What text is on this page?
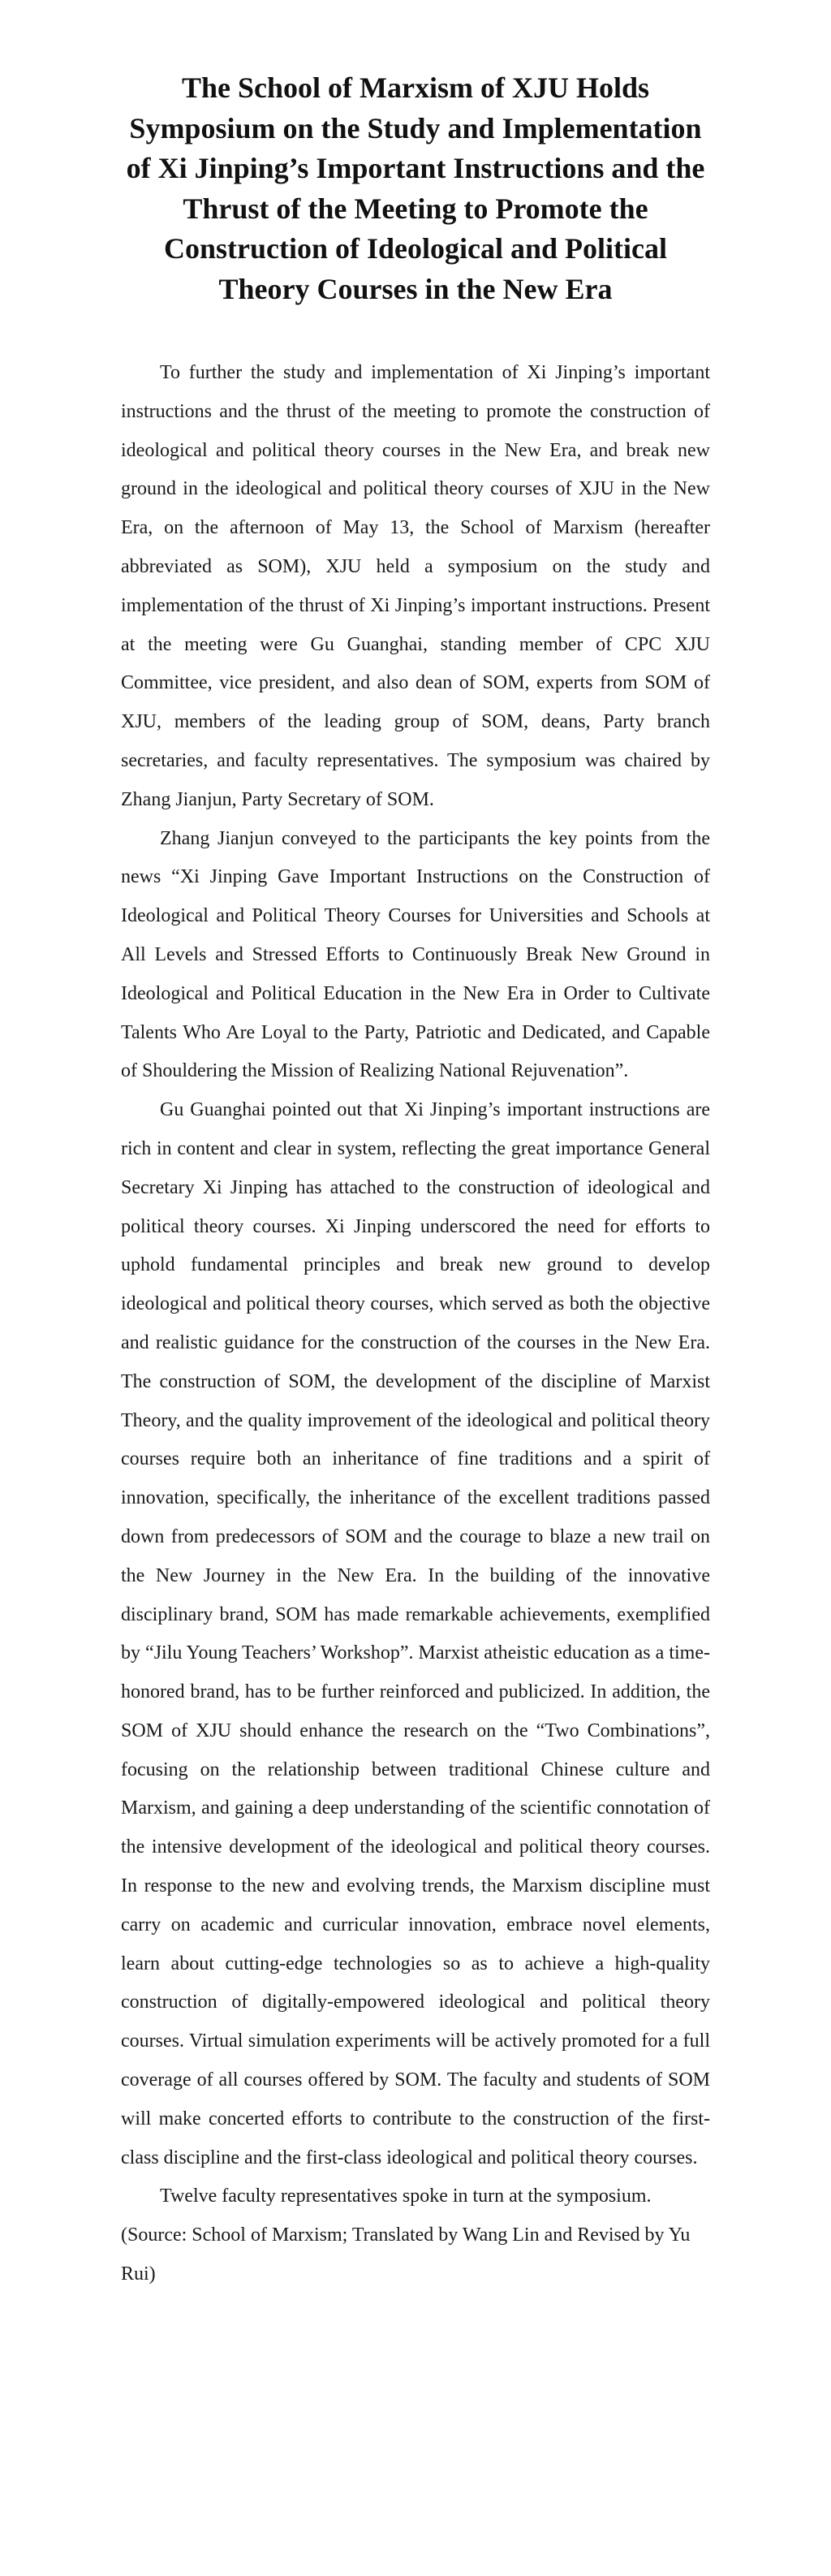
The School of Marxism of XJU Holds Symposium on the Study and Implementation of Xi Jinping’s Important Instructions and the Thrust of the Meeting to Promote the Construction of Ideological and Political Theory Courses in the New Era

To further the study and implementation of Xi Jinping’s important instructions and the thrust of the meeting to promote the construction of ideological and political theory courses in the New Era, and break new ground in the ideological and political theory courses of XJU in the New Era, on the afternoon of May 13, the School of Marxism (hereafter abbreviated as SOM), XJU held a symposium on the study and implementation of the thrust of Xi Jinping’s important instructions. Present at the meeting were Gu Guanghai, standing member of CPC XJU Committee, vice president, and also dean of SOM, experts from SOM of XJU, members of the leading group of SOM, deans, Party branch secretaries, and faculty representatives. The symposium was chaired by Zhang Jianjun, Party Secretary of SOM.

Zhang Jianjun conveyed to the participants the key points from the news “Xi Jinping Gave Important Instructions on the Construction of Ideological and Political Theory Courses for Universities and Schools at All Levels and Stressed Efforts to Continuously Break New Ground in Ideological and Political Education in the New Era in Order to Cultivate Talents Who Are Loyal to the Party, Patriotic and Dedicated, and Capable of Shouldering the Mission of Realizing National Rejuvenation”.

Gu Guanghai pointed out that Xi Jinping’s important instructions are rich in content and clear in system, reflecting the great importance General Secretary Xi Jinping has attached to the construction of ideological and political theory courses. Xi Jinping underscored the need for efforts to uphold fundamental principles and break new ground to develop ideological and political theory courses, which served as both the objective and realistic guidance for the construction of the courses in the New Era. The construction of SOM, the development of the discipline of Marxist Theory, and the quality improvement of the ideological and political theory courses require both an inheritance of fine traditions and a spirit of innovation, specifically, the inheritance of the excellent traditions passed down from predecessors of SOM and the courage to blaze a new trail on the New Journey in the New Era. In the building of the innovative disciplinary brand, SOM has made remarkable achievements, exemplified by “Jilu Young Teachers’ Workshop”. Marxist atheistic education as a time-honored brand, has to be further reinforced and publicized. In addition, the SOM of XJU should enhance the research on the “Two Combinations”, focusing on the relationship between traditional Chinese culture and Marxism, and gaining a deep understanding of the scientific connotation of the intensive development of the ideological and political theory courses. In response to the new and evolving trends, the Marxism discipline must carry on academic and curricular innovation, embrace novel elements, learn about cutting-edge technologies so as to achieve a high-quality construction of digitally-empowered ideological and political theory courses. Virtual simulation experiments will be actively promoted for a full coverage of all courses offered by SOM. The faculty and students of SOM will make concerted efforts to contribute to the construction of the first-class discipline and the first-class ideological and political theory courses.

Twelve faculty representatives spoke in turn at the symposium.

(Source: School of Marxism; Translated by Wang Lin and Revised by Yu Rui)
